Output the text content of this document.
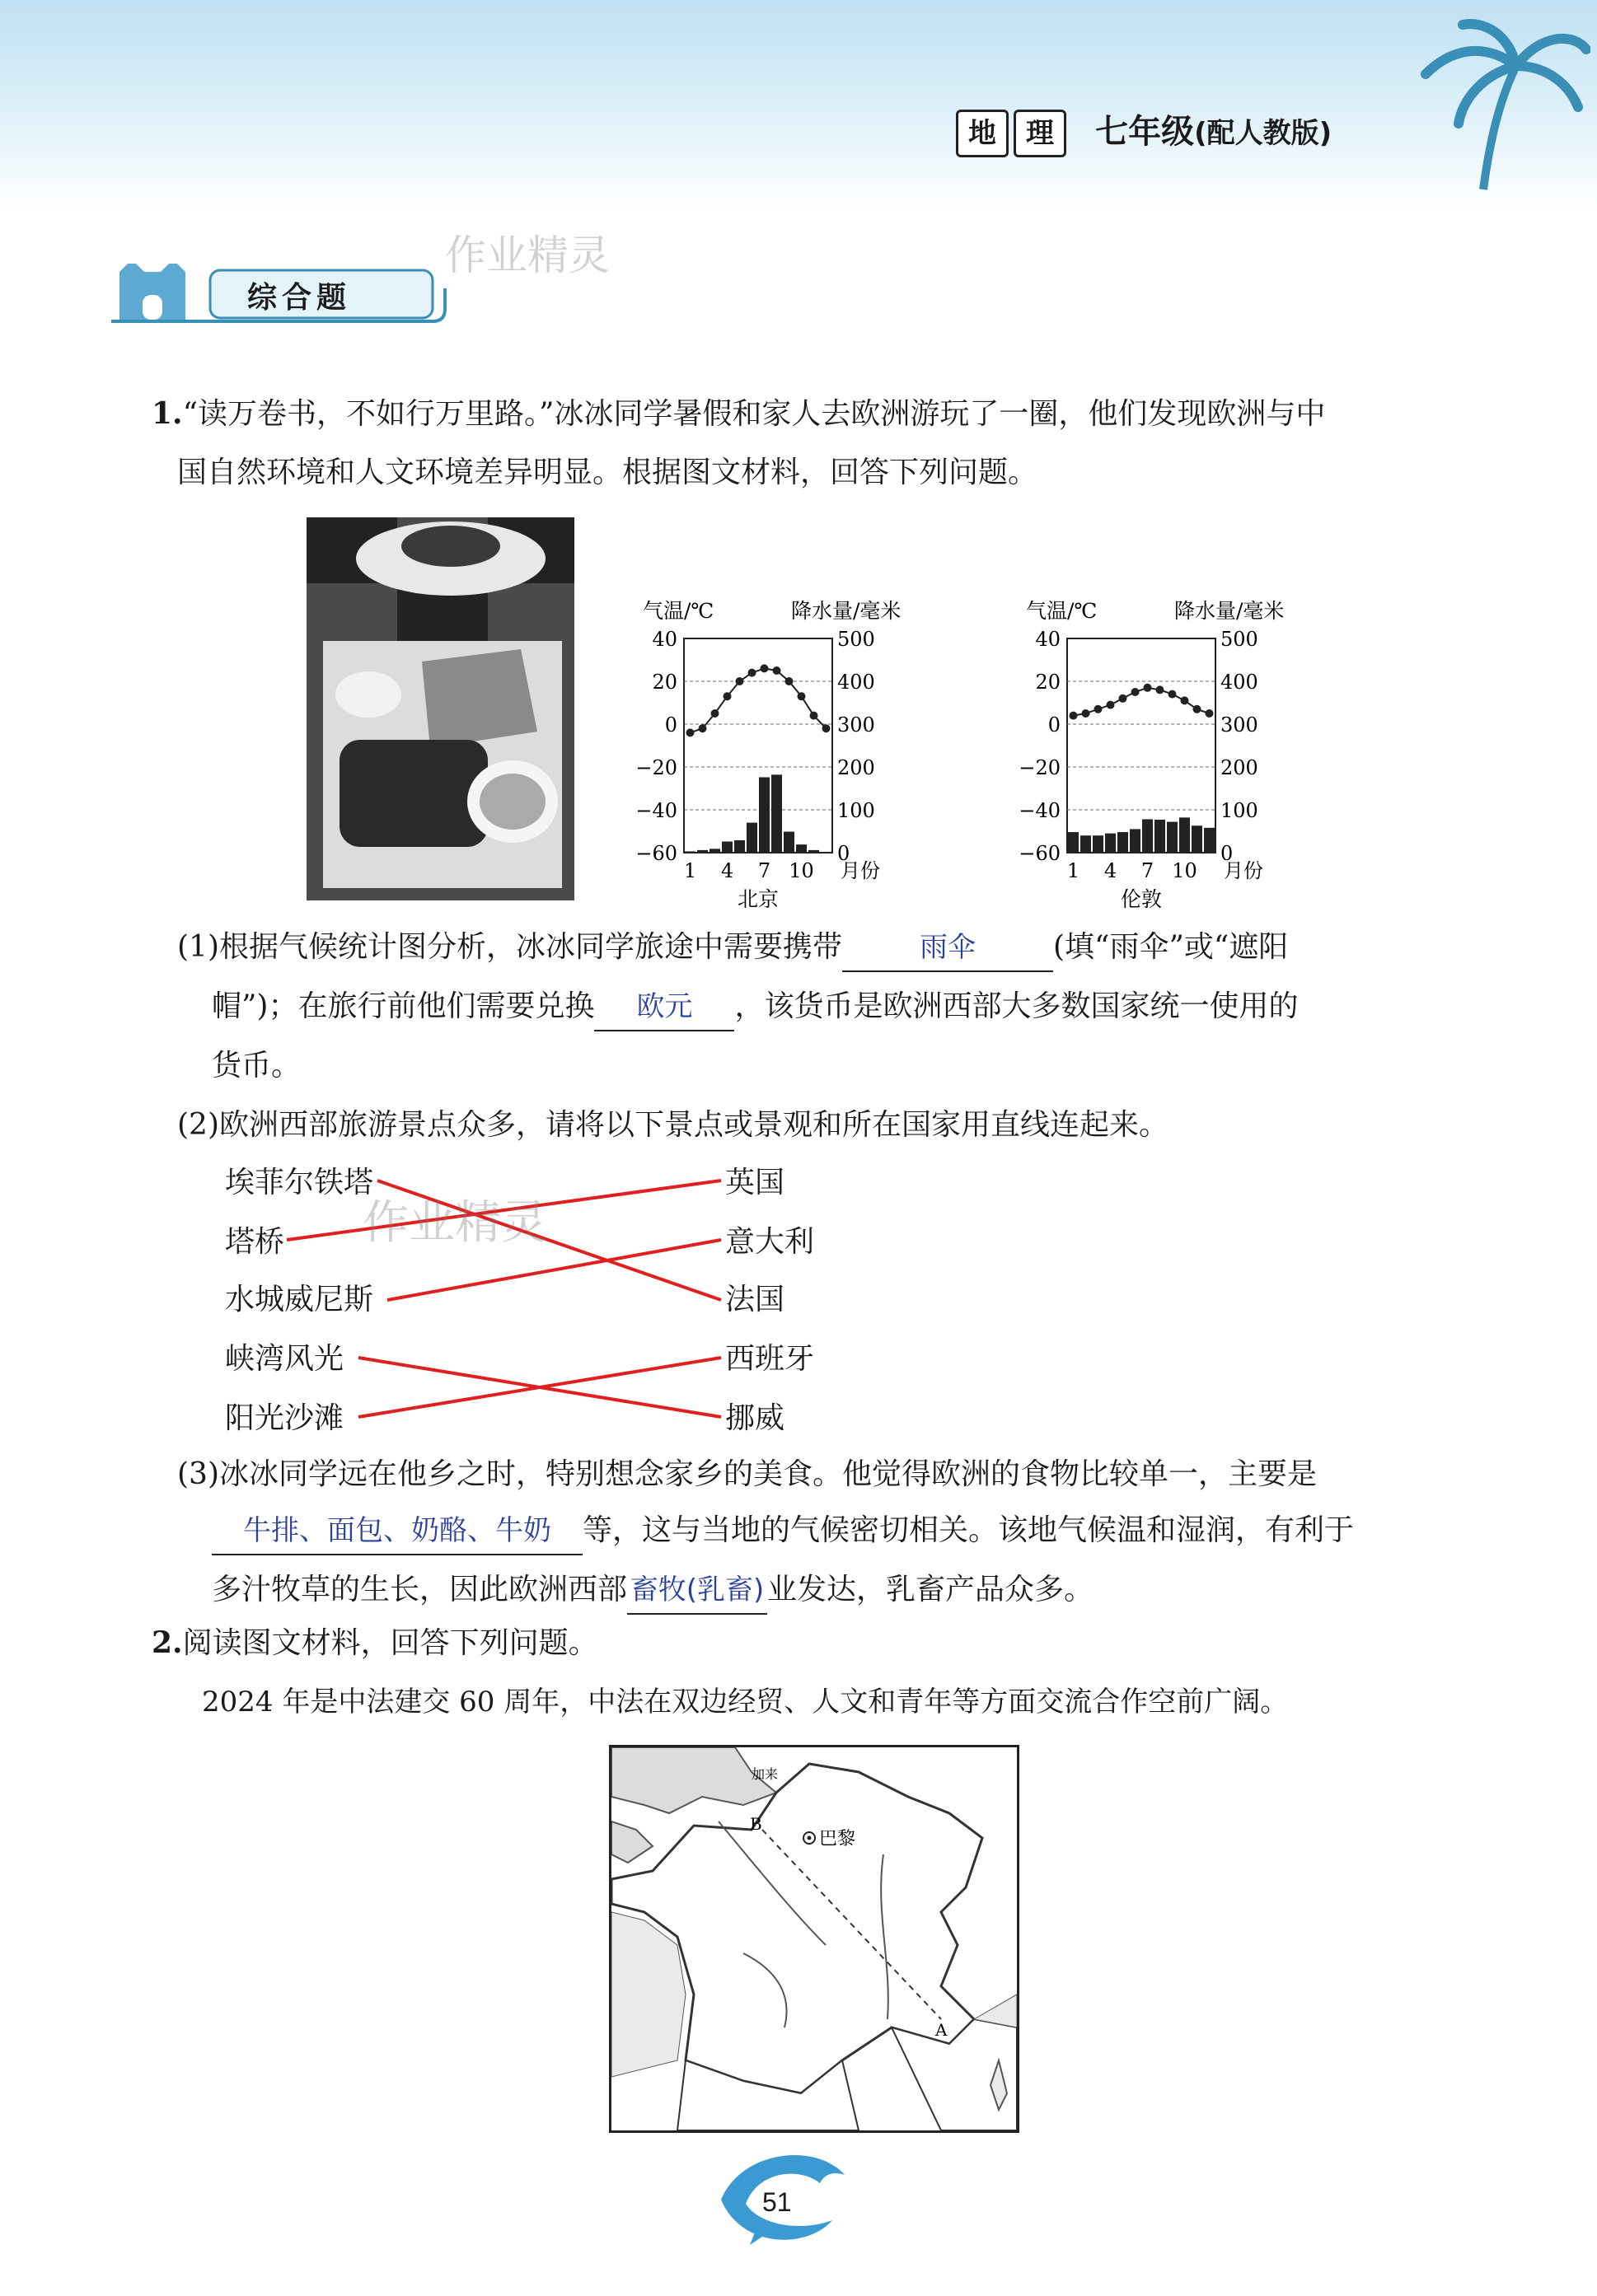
地 理 七年级(配人教版)
综合题
作业精灵
1.“读万卷书，不如行万里路。”冰冰同学暑假和家人去欧洲游玩了一圈，他们发现欧洲与中
国自然环境和人文环境差异明显。根据图文材料，回答下列问题。
气温/℃	降水量/毫米
40
20
0
−20
−40
−60
500
400
300
200
100
0
1 4 7 10 月份
北京
气温/℃	降水量/毫米
40
20
0
−20
−40
−60
500
400
300
200
100
0
1 4 7 10 月份
伦敦
(1)根据气候统计图分析，冰冰同学旅途中需要携带	雨伞	(填“雨伞”或“遮阳
帽”)；在旅行前他们需要兑换 欧元 ，该货币是欧洲西部大多数国家统一使用的
货币。
(2)欧洲西部旅游景点众多，请将以下景点或景观和所在国家用直线连起来。
埃菲尔铁塔
塔桥
水城威尼斯
峡湾风光
阳光沙滩
英国
意大利
法国
西班牙
挪威
作业精灵
(3)冰冰同学远在他乡之时，特别想念家乡的美食。他觉得欧洲的食物比较单一，主要是
牛排、面包、奶酪、牛奶 等，这与当地的气候密切相关。该地气候温和湿润，有利于
多汁牧草的生长，因此欧洲西部 畜牧(乳畜) 业发达，乳畜产品众多。
2.阅读图文材料，回答下列问题。
2024 年是中法建交 60 周年，中法在双边经贸、人文和青年等方面交流合作空前广阔。
巴黎
B
A
加来
51
